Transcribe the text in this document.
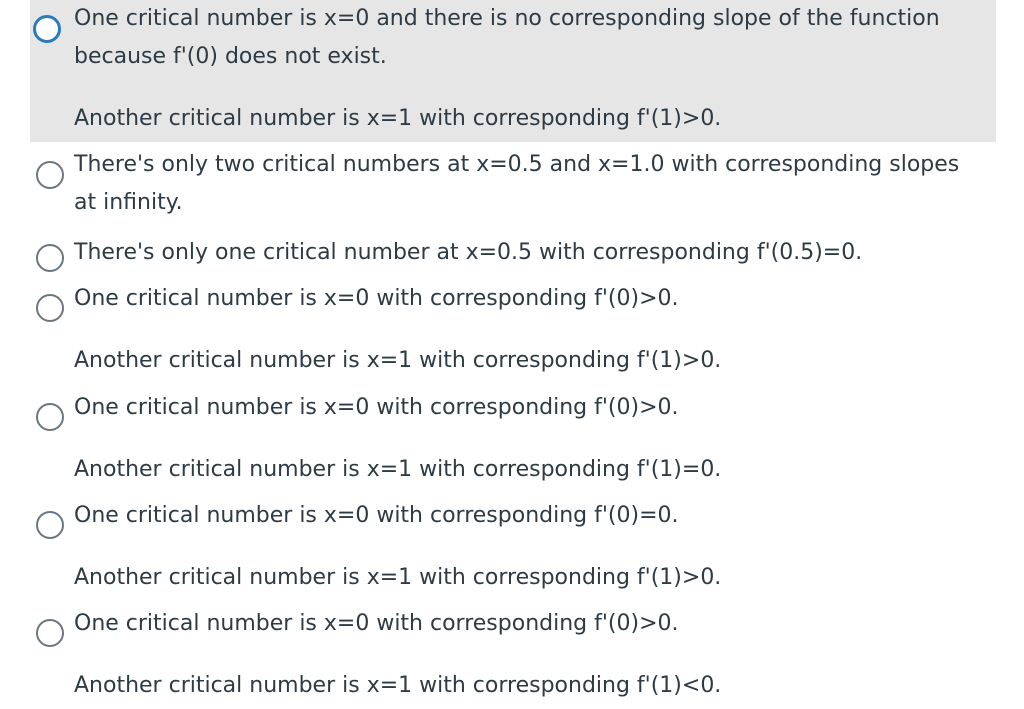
One critical number is x=0 and there is no corresponding slope of the function
because f'(0) does not exist.
Another critical number is x=1 with corresponding f'(1)>0.
There's only two critical numbers at x=0.5 and x=1.0 with corresponding slopes
at infinity.
There's only one critical number at x=0.5 with corresponding f'(0.5)=0.
One critical number is x=0 with corresponding f'(0)>0.
Another critical number is x=1 with corresponding f'(1)>0.
One critical number is x=0 with corresponding f'(0)>0.
Another critical number is x=1 with corresponding f'(1)=0.
One critical number is x=0 with corresponding f'(0)=0.
Another critical number is x=1 with corresponding f'(1)>0.
One critical number is x=0 with corresponding f'(0)>0.
Another critical number is x=1 with corresponding f'(1)<0.
